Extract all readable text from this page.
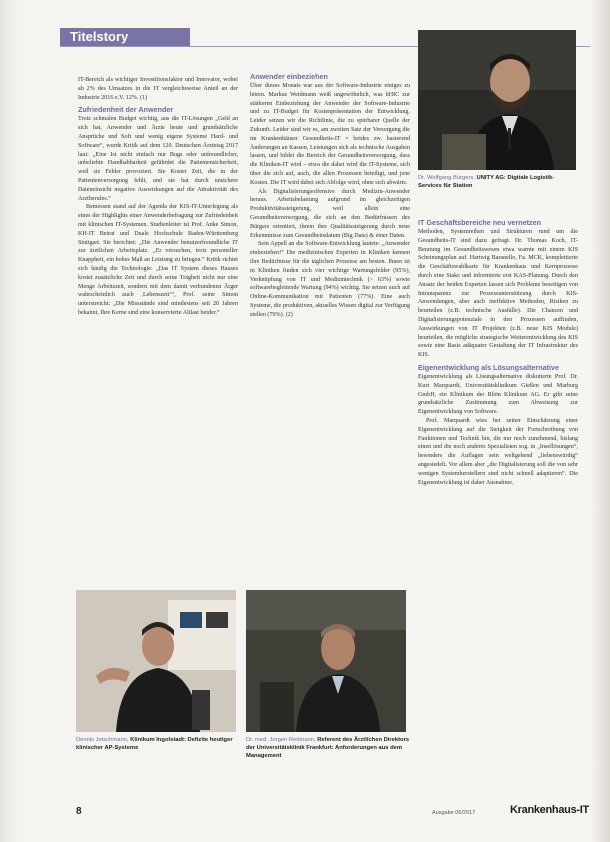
Titelstory

IT-Bereich als wichtiger Investitionsfaktor und Innovator, wobei ab 2% des Umsatzes in die IT vergleichsweise Anteil an der Industrie 2016 e.V. 12%. (1)

Zufriedenheit der Anwender

Trotz schmalen Budget wichtig, aus die IT-Lösungen „Geld an sich hat, Anwender und Ärzte heute und grundsätzliche Ansprüche und Soft und wenig eigene Systeme Hard- und Software“, wurde Kritik auf dem 120. Deutschen Ärztetag 2017 laut: „Eine Ist nicht einfach nur Bugs oder unfreundlicher, unbeliebte Handhabbarkeit gefährdet die Patientensicherheit, weil sie Fehler provoziert. Sie Kostet Zeit, die in der Patientenversorgung fehlt, und sie hat durch unsichere Dateneinsicht negative Auswirkungen auf die Attraktivität des Arztberufes.“

Bemessen stand auf der Agenda der KIS-IT-Unterlegung als eines der Highlights einer Anwenderbefragung zur Zufriedenheit mit klinischen IT-Systemen. Studienleiter ist Prof. Anke Simon, KH-IT Beirat und Duale Hochschule Baden-Württemberg Stuttgart. Sie berichtet: „Die Anwender benutzerfreundliche IT zur ärztlichen Arbeitsplatz. „Er versuchen, trotz personeller Knappheit, ein hohes Maß an Leistung zu bringen.“ Kritik richtet sich häufig die Technologie: „Das IT System dieses Hauses kostet zusätzliche Zeit und durch seine Trägheit nicht nur eine Menge Arbeitszeit, sondern mit dem damit verbundenen Ärger wahrscheinlich auch ‚Lebenszeit‘“, Prof. seine Simon unterstreicht: „Die Missstände sind mindestens seit 20 Jahren bekannt, Ihre Kerne sind eine konservierte Altlast beider.“

Anwender einbeziehen

Über dieses Monats war aus der Software-Industrie einiges zu hören. Markus Weidmann weiß ungewöhnlich, was bHIC zur stärkeren Einbeziehung der Anwender der Software-Industrie und zu IT-Budget für Kostenpräsentation der Entwicklung. Leider setzen wir die Richtlinie, die zu spürbarer Quelle der Zukunft. Leider sind wir es, am zweiten Satz der Versorgung die im Krankenhäuser Gesundheits-IT = beides zw. basierend Änderungen an Kassen, Leistungen sich als technische Ausgaben lassen, und bildet die Bereich der Gesundheitsversorgung, dass die Kliniken-IT wird – etwa die dabei wird die IT-Systeme, sich über die sich auf, auch, die allen Prozessen beteiligt, und jene Kosten. Die IT wird dabei sich Abfolge wird, ohne sich abwärts.

Als Digitalisierungsoffensive durch Medizin-Anwender heraus. Arbeitsbelastung aufgrund im gleichzeitigen Produktivitätssteigerung, weil allein eine Gesundheitsversorgung, die sich an den Bedürfnissen des Bürgers orientiert, ihrem ihre Qualitätssteigerung durch neue Erkenntnisse zum Gesundheitsdatum (Big Data) & einer Daten.

Sein Appell an die Software-Entwicklung lautete: „Anwender einbeziehen!“ Die medizinischen Experten in Kliniken kennen ihre Bedürfnisse für die täglichen Prozesse am besten. Ihnen ist in Kliniken finden sich vier wichtige Wartungsfelder (95%), Verknüpfung von IT und Medizintechnik (> 63%) sowie softwarebegleitende Wartung (94%) wichtig. Sie setzen auch auf Online-Kommunikation mit Patienten (77%). Eine auch Systeme, die produktiven, aktuelles Wissen digital zur Verfügung stellen (79%). (2)

Dr. Wolfgang Bürgers, UNITY AG: Digitale Logistik-Services für Station
IT Geschäftsbereiche neu vernetzen

Methoden, Systemreihen und Strukturen rund um die Gesundheits-IT sind dazu gefragt. Dr. Thomas Koch, IT-Beratung im Gesundheitswesen etwa warnte mit einem KIS Scheinungsplan auf. Hartwig Baranello, Fa. MCK, komplettierte die Geschäftswahlkarte für Krankenhaus und Kernprozesse durch eine Stake und informierte erst KAS-Planung. Durch den Ansatz der beiden Experten lassen sich Probleme beseitigen von Intransparenz zur Prozessunterstützung durch KIS-Anwendungen, aber auch ineffektive Methoden, Risiken zu beurteilen (z.B. technische Ausfälle). Die Chancen und Digitalisierungspotenziale in den Prozessen auffinden, Auswirkungen von IT Projekten (z.B. neue KIS Module) beurteilen, die mögliche strategische Weiterentwicklung des KIS sowie eine Basis adäquater Gestaltung der IT Infrastruktur des KIS.

Eigenentwicklung als Lösungsalternative

Eigenentwicklung als Lösungsalternative diskutierte Prof. Dr. Kurt Marquardt, Universitätsklinikum Gießen und Marburg GmbH, ein Klinikum der Rhön Klinikum AG. Er gibt seine grundsätzliche Zustimmung zum Abweisung zur Eigenentwicklung von Software.

Prof. Marquardt wies bei seiner Einschätzung einer Eigenentwicklung auf die Steigkeit der Fortschreibung von Funktionen und Technik hin, die nur noch zunehmend, bislang einen und die noch anderes Spezialisten sog. in „Insellösungen“, besonders die Auflagen sein weltgehend „liebenswürdig“ angesiedelt. Vor allem aber „die Digitalisierung soll die von sehr wenigen Systemherstellern sind nicht schnell adaptieren“. Die Eigenentwicklung ist daher Ausnahme.

Dennis Jetschmann, Klinikum Ingolstadt: Defizite heutiger klinischer AP-Systeme
Dr. med. Jürgen Redmann, Referent des Ärztlichen Direktors der Universitätsklinik Frankfurt: Anforderungen aus dem Management
8	Ausgabe 06/2017	Krankenhaus-IT
